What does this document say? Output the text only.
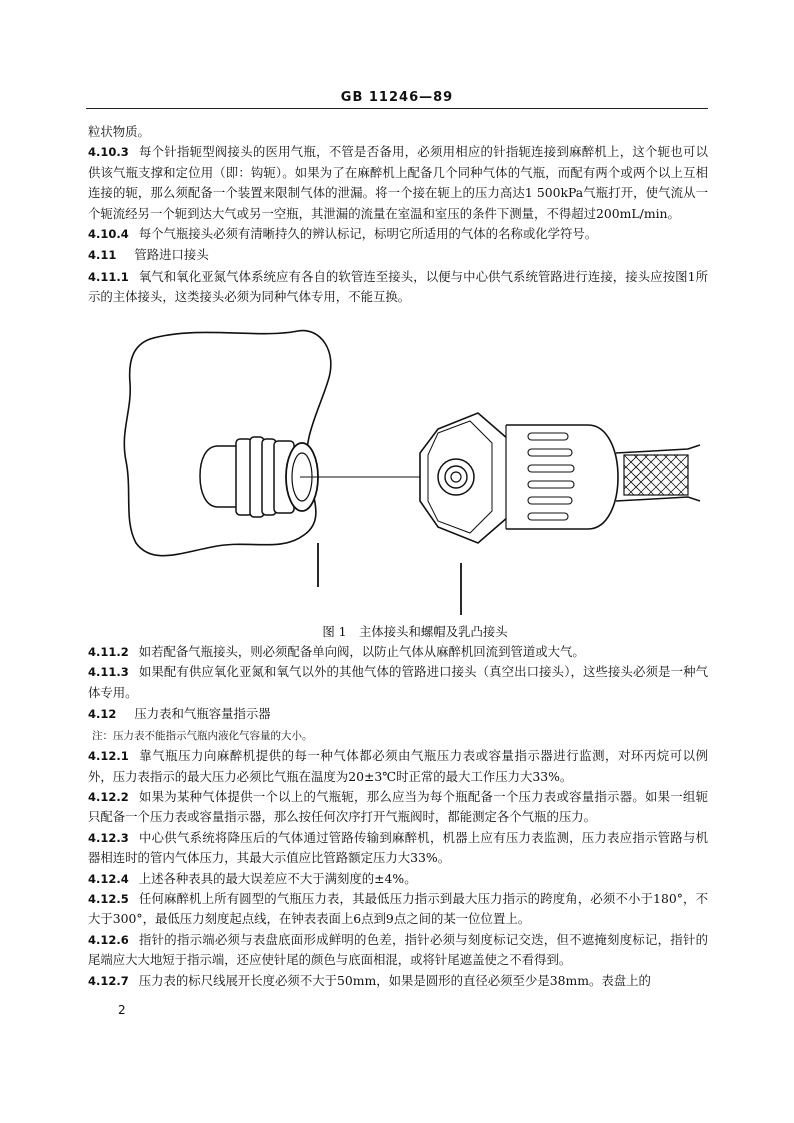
GB 11246—89

粒状物质。

4.10.3 每个针指轭型阀接头的医用气瓶，不管是否备用，必须用相应的针指轭连接到麻醉机上，这个轭也可以供该气瓶支撑和定位用（即：钩轭）。如果为了在麻醉机上配备几个同种气体的气瓶，而配有两个或两个以上互相连接的轭，那么须配备一个装置来限制气体的泄漏。将一个接在轭上的压力高达1 500kPa气瓶打开，使气流从一个轭流经另一个轭到达大气或另一空瓶，其泄漏的流量在室温和室压的条件下测量，不得超过200mL/min。

4.10.4 每个气瓶接头必须有清晰持久的辨认标记，标明它所适用的气体的名称或化学符号。

4.11 管路进口接头

4.11.1 氧气和氧化亚氮气体系统应有各自的软管连至接头，以便与中心供气系统管路进行连接，接头应按图1所示的主体接头，这类接头必须为同种气体专用，不能互换。

图 1　主体接头和螺帽及乳凸接头

4.11.2 如若配备气瓶接头，则必须配备单向阀，以防止气体从麻醉机回流到管道或大气。

4.11.3 如果配有供应氧化亚氮和氧气以外的其他气体的管路进口接头（真空出口接头），这些接头必须是一种气体专用。

4.12 压力表和气瓶容量指示器

注：压力表不能指示气瓶内液化气容量的大小。

4.12.1 靠气瓶压力向麻醉机提供的每一种气体都必须由气瓶压力表或容量指示器进行监测，对环丙烷可以例外，压力表指示的最大压力必须比气瓶在温度为20±3℃时正常的最大工作压力大33%。

4.12.2 如果为某种气体提供一个以上的气瓶轭，那么应当为每个瓶配备一个压力表或容量指示器。如果一组轭只配备一个压力表或容量指示器，那么按任何次序打开气瓶阀时，都能测定各个气瓶的压力。

4.12.3 中心供气系统将降压后的气体通过管路传输到麻醉机，机器上应有压力表监测，压力表应指示管路与机器相连时的管内气体压力，其最大示值应比管路额定压力大33%。

4.12.4 上述各种表具的最大误差应不大于满刻度的±4%。

4.12.5 任何麻醉机上所有圆型的气瓶压力表，其最低压力指示到最大压力指示的跨度角，必须不小于180°，不大于300°，最低压力刻度起点线，在钟表表面上6点到9点之间的某一位位置上。

4.12.6 指针的指示端必须与表盘底面形成鲜明的色差，指针必须与刻度标记交迭，但不遮掩刻度标记，指针的尾端应大大地短于指示端，还应使针尾的颜色与底面相混，或将针尾遮盖使之不看得到。

4.12.7 压力表的标尺线展开长度必须不大于50mm，如果是圆形的直径必须至少是38mm。表盘上的

2
